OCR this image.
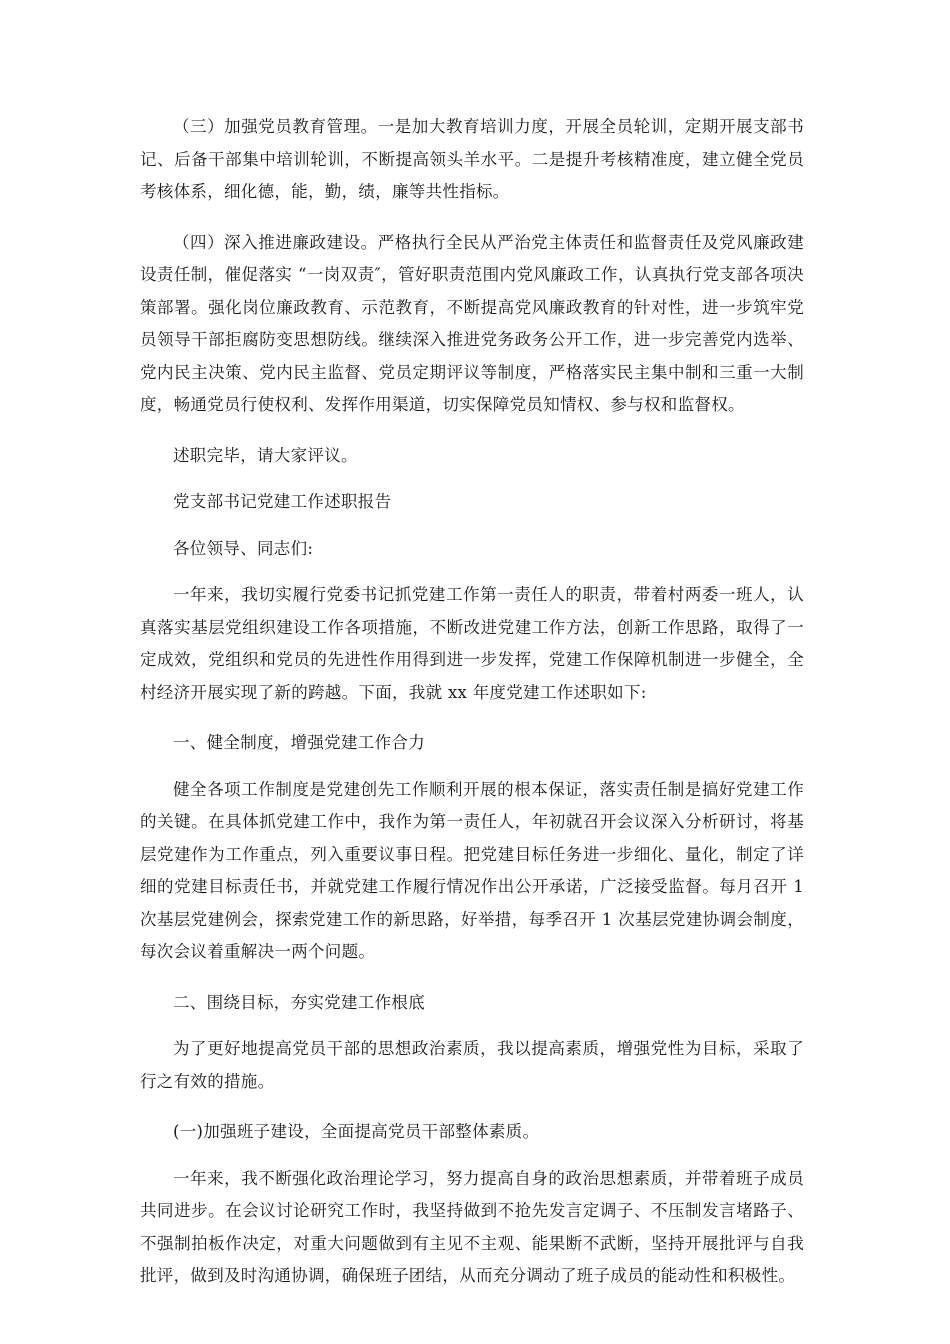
（三）加强党员教育管理。一是加大教育培训力度，开展全员轮训，定期开展支部书记、后备干部集中培训轮训，不断提高领头羊水平。二是提升考核精准度，建立健全党员考核体系，细化德，能，勤，绩，廉等共性指标。

（四）深入推进廉政建设。严格执行全民从严治党主体责任和监督责任及党风廉政建设责任制，催促落实 “一岗双责″，管好职责范围内党风廉政工作，认真执行党支部各项决策部署。强化岗位廉政教育、示范教育，不断提高党风廉政教育的针对性，进一步筑牢党员领导干部拒腐防变思想防线。继续深入推进党务政务公开工作，进一步完善党内选举、党内民主决策、党内民主监督、党员定期评议等制度，严格落实民主集中制和三重一大制度，畅通党员行使权利、发挥作用渠道，切实保障党员知情权、参与权和监督权。

述职完毕，请大家评议。

党支部书记党建工作述职报告

各位领导、同志们:

一年来，我切实履行党委书记抓党建工作第一责任人的职责，带着村两委一班人，认真落实基层党组织建设工作各项措施，不断改进党建工作方法，创新工作思路，取得了一定成效，党组织和党员的先进性作用得到进一步发挥，党建工作保障机制进一步健全，全村经济开展实现了新的跨越。下面，我就 xx 年度党建工作述职如下:

一、健全制度，增强党建工作合力

健全各项工作制度是党建创先工作顺利开展的根本保证，落实责任制是搞好党建工作的关键。在具体抓党建工作中，我作为第一责任人，年初就召开会议深入分析研讨，将基层党建作为工作重点，列入重要议事日程。把党建目标任务进一步细化、量化，制定了详细的党建目标责任书，并就党建工作履行情况作出公开承诺，广泛接受监督。每月召开 1 次基层党建例会，探索党建工作的新思路，好举措，每季召开 1 次基层党建协调会制度，每次会议着重解决一两个问题。

二、围绕目标，夯实党建工作根底

为了更好地提高党员干部的思想政治素质，我以提高素质，增强党性为目标，采取了行之有效的措施。

(一)加强班子建设，全面提高党员干部整体素质。

一年来，我不断强化政治理论学习，努力提高自身的政治思想素质，并带着班子成员共同进步。在会议讨论研究工作时，我坚持做到不抢先发言定调子、不压制发言堵路子、不强制拍板作决定，对重大问题做到有主见不主观、能果断不武断，坚持开展批评与自我批评，做到及时沟通协调，确保班子团结，从而充分调动了班子成员的能动性和积极性。
